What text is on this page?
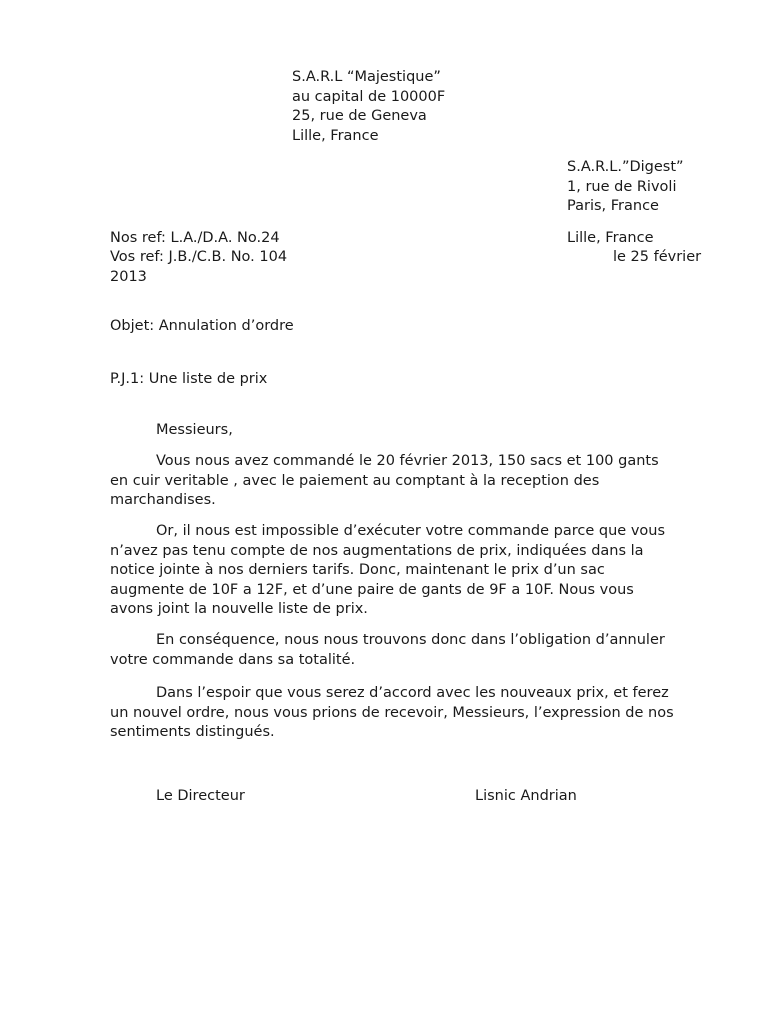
S.A.R.L “Majestique”
au capital de 10000F
25, rue de Geneva
Lille, France
S.A.R.L.”Digest”
1, rue de Rivoli
Paris, France
Nos ref: L.A./D.A. No.24
Vos ref: J.B./C.B. No. 104
2013
Lille, France
le 25 février
Objet: Annulation d’ordre
P.J.1: Une liste de prix
Messieurs,
Vous nous avez commandé le 20 février 2013, 150 sacs et 100 gants
en cuir veritable , avec le paiement au comptant à la reception des
marchandises.
Or, il nous est impossible d’exécuter votre commande parce que vous
n’avez pas tenu compte de nos augmentations de prix, indiquées dans la
notice jointe à nos derniers tarifs. Donc, maintenant le prix d’un sac
augmente de 10F a 12F, et d’une paire de gants de 9F a 10F. Nous vous
avons joint la nouvelle liste de prix.
En conséquence, nous nous trouvons donc dans l’obligation d’annuler
votre commande dans sa totalité.
Dans l’espoir que vous serez d’accord avec les nouveaux prix, et ferez
un nouvel ordre, nous vous prions de recevoir, Messieurs, l’expression de nos
sentiments distingués.
Le Directeur	Lisnic Andrian
